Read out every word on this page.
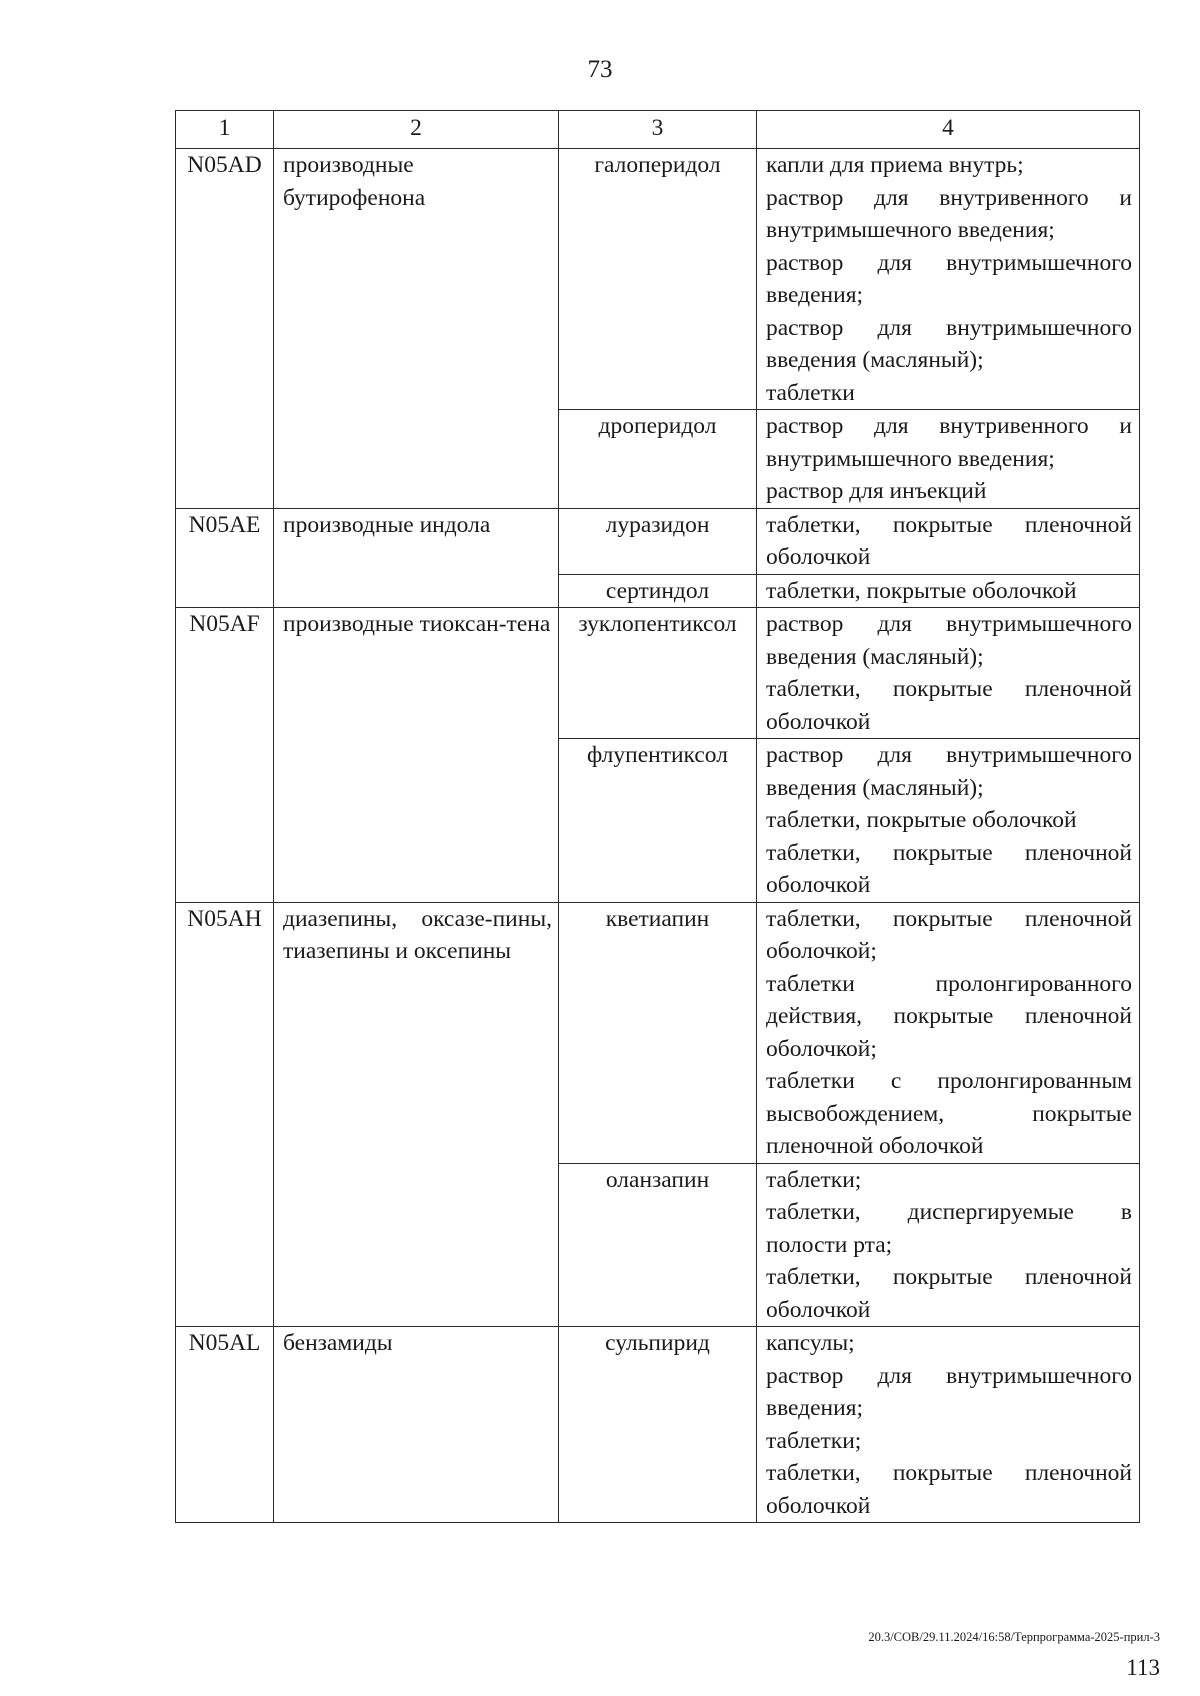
73
1	2	3	4
N05AD	производные бутирофенона	галоперидол	капли для приема внутрь;
раствор для внутривенного и внутримышечного введения;
раствор для внутримышечного введения;
раствор для внутримышечного введения (масляный);
таблетки

		дроперидол	раствор для внутривенного и внутримышечного введения;
раствор для инъекций

N05AE	производные индола	луразидон	таблетки, покрытые пленочной оболочкой

		сертиндол	таблетки, покрытые оболочкой

N05AF	производные тиоксан-тена	зуклопентиксол	раствор для внутримышечного введения (масляный);
таблетки, покрытые пленочной оболочкой

		флупентиксол	раствор для внутримышечного введения (масляный);
таблетки, покрытые оболочкой
таблетки, покрытые пленочной оболочкой

N05AH	диазепины, оксазе-пины, тиазепины и оксепины	кветиапин	таблетки, покрытые пленочной оболочкой;
таблетки пролонгированного действия, покрытые пленочной оболочкой;
таблетки с пролонгированным высвобождением, покрытые пленочной оболочкой

		оланзапин	таблетки;
таблетки, диспергируемые в полости рта;
таблетки, покрытые пленочной оболочкой

N05AL	бензамиды	сульпирид	капсулы;
раствор для внутримышечного введения;
таблетки;
таблетки, покрытые пленочной оболочкой
20.3/СОВ/29.11.2024/16:58/Терпрограмма-2025-прил-3
113
